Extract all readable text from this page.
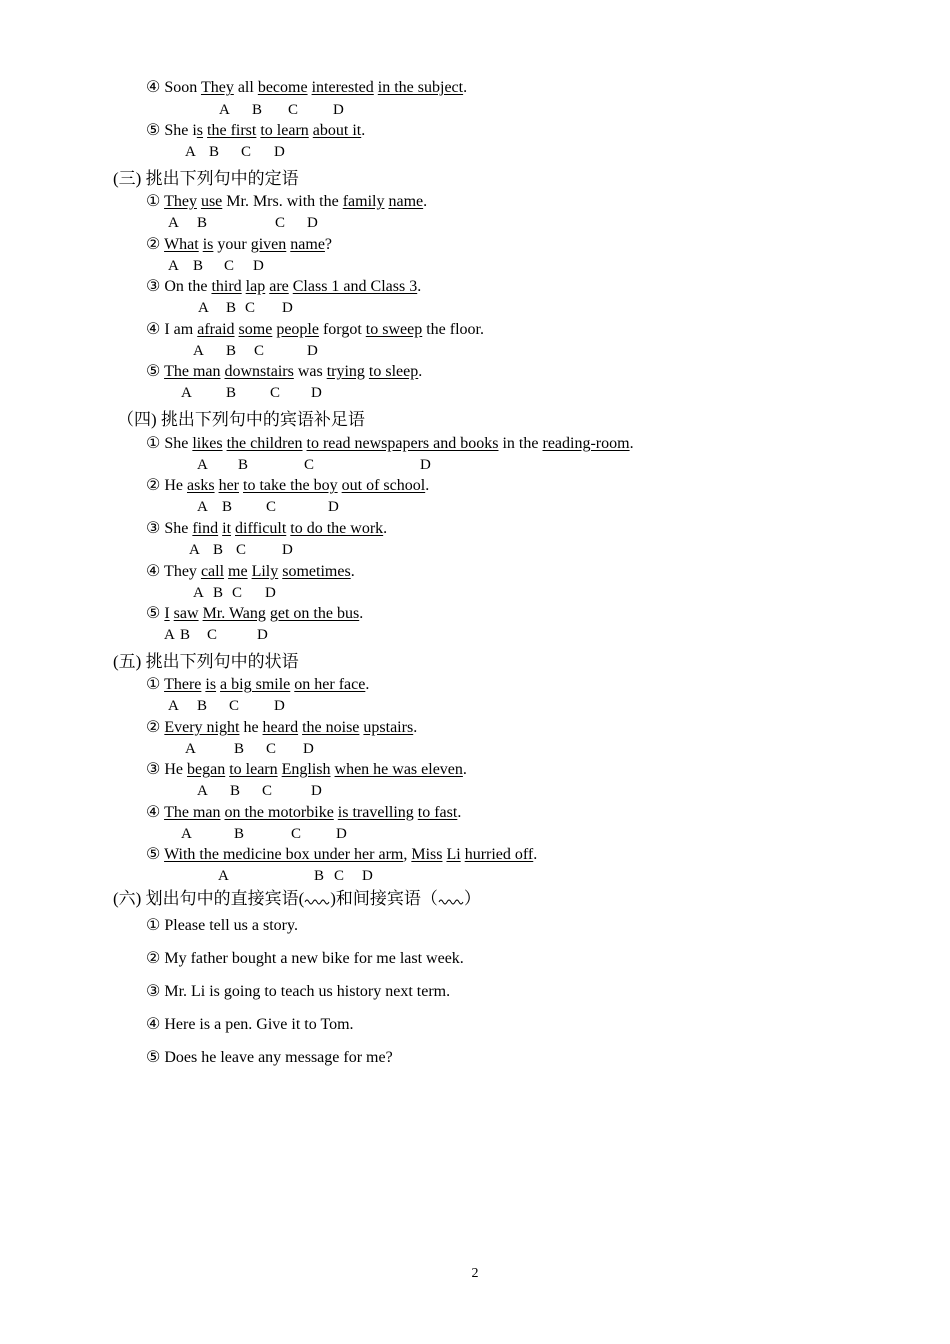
④ Soon They all become interested in the subject.
A B C D
⑤ She is the first to learn about it.
A B C D
(三) 挑出下列句中的定语
① They use Mr. Mrs. with the family name.
A B	C D
② What is your given name?
A B C D
③ On the third lap are Class 1 and Class 3.
A B C D
④ I am afraid some people forgot to sweep the floor.
A B C	D
⑤ The man downstairs was trying to sleep.
A B C D
（四) 挑出下列句中的宾语补足语
① She likes the children to read newspapers and books in the reading-room.
A B	C	D
② He asks her to take the boy out of school.
A B C	D
③ She find it difficult to do the work.
A B C D
④ They call me Lily sometimes.
A B C D
⑤ I saw Mr. Wang get on the bus.
A B C	D
(五) 挑出下列句中的状语
① There is a big smile on her face.
A B C D
② Every night he heard the noise upstairs.
A	B C D
③ He began to learn English when he was eleven.
A B C	D
④ The man on the motorbike is travelling to fast.
A	B	C D
⑤ With the medicine box under her arm, Miss Li hurried off.
A	B C D
(六) 划出句中的直接宾语( )和间接宾语（ ）
① Please tell us a story.
② My father bought a new bike for me last week.
③ Mr. Li is going to teach us history next term.
④ Here is a pen. Give it to Tom.
⑤ Does he leave any message for me?
2
